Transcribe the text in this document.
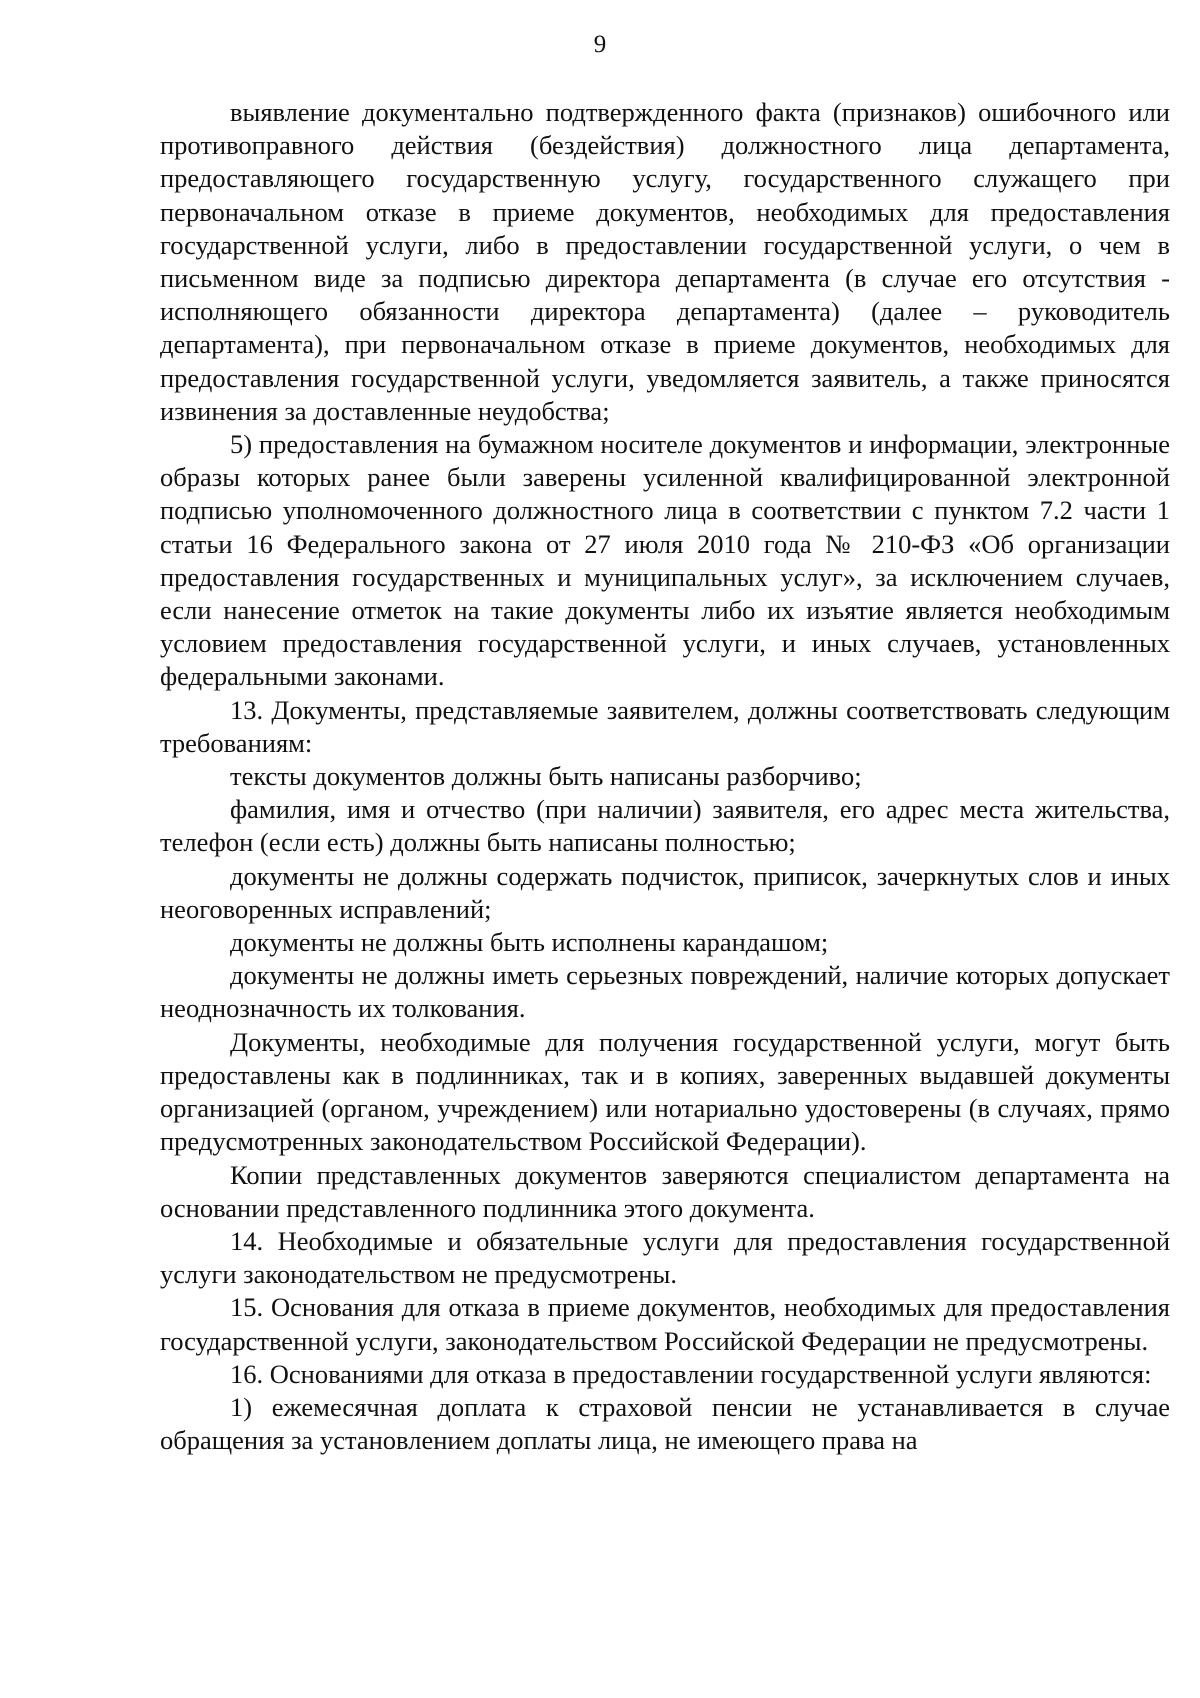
9

выявление документально подтвержденного факта (признаков) ошибочного или противоправного действия (бездействия) должностного лица департамента, предоставляющего государственную услугу, государственного служащего при первоначальном отказе в приеме документов, необходимых для предоставления государственной услуги, либо в предоставлении государственной услуги, о чем в письменном виде за подписью директора департамента (в случае его отсутствия - исполняющего обязанности директора департамента) (далее – руководитель департамента), при первоначальном отказе в приеме документов, необходимых для предоставления государственной услуги, уведомляется заявитель, а также приносятся извинения за доставленные неудобства;

5) предоставления на бумажном носителе документов и информации, электронные образы которых ранее были заверены усиленной квалифицированной электронной подписью уполномоченного должностного лица в соответствии с пунктом 7.2 части 1 статьи 16 Федерального закона от 27 июля 2010 года № 210-ФЗ «Об организации предоставления государственных и муниципальных услуг», за исключением случаев, если нанесение отметок на такие документы либо их изъятие является необходимым условием предоставления государственной услуги, и иных случаев, установленных федеральными законами.

13. Документы, представляемые заявителем, должны соответствовать следующим требованиям:

тексты документов должны быть написаны разборчиво;

фамилия, имя и отчество (при наличии) заявителя, его адрес места жительства, телефон (если есть) должны быть написаны полностью;

документы не должны содержать подчисток, приписок, зачеркнутых слов и иных неоговоренных исправлений;

документы не должны быть исполнены карандашом;

документы не должны иметь серьезных повреждений, наличие которых допускает неоднозначность их толкования.

Документы, необходимые для получения государственной услуги, могут быть предоставлены как в подлинниках, так и в копиях, заверенных выдавшей документы организацией (органом, учреждением) или нотариально удостоверены (в случаях, прямо предусмотренных законодательством Российской Федерации).

Копии представленных документов заверяются специалистом департамента на основании представленного подлинника этого документа.

14. Необходимые и обязательные услуги для предоставления государственной услуги законодательством не предусмотрены.

15. Основания для отказа в приеме документов, необходимых для предоставления государственной услуги, законодательством Российской Федерации не предусмотрены.

16. Основаниями для отказа в предоставлении государственной услуги являются:

1) ежемесячная доплата к страховой пенсии не устанавливается в случае обращения за установлением доплаты лица, не имеющего права на
